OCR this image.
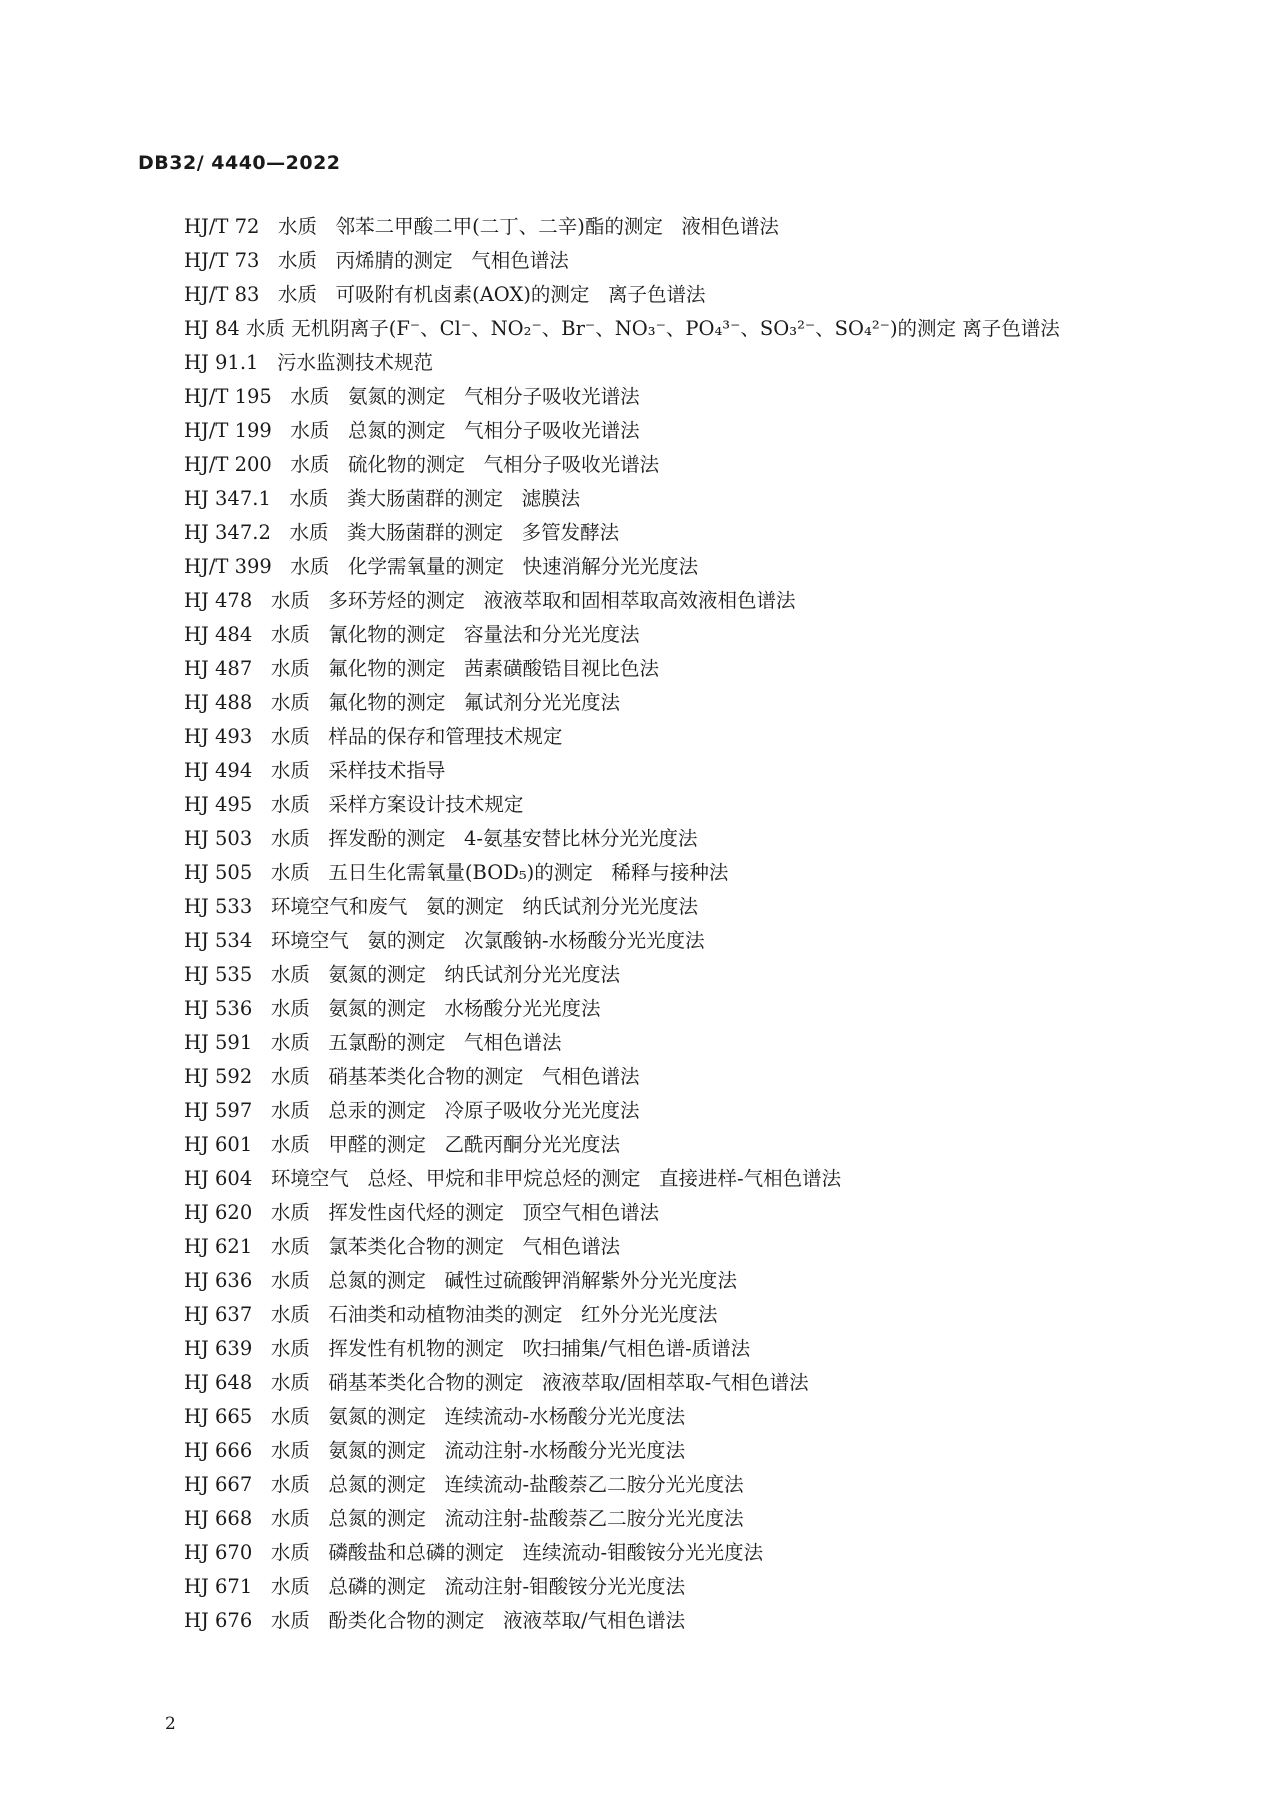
DB32/ 4440—2022
HJ/T 72   水质   邻苯二甲酸二甲(二丁、二辛)酯的测定   液相色谱法
HJ/T 73   水质   丙烯腈的测定   气相色谱法
HJ/T 83   水质   可吸附有机卤素(AOX)的测定   离子色谱法
HJ 84 水质 无机阴离子(F⁻、Cl⁻、NO₂⁻、Br⁻、NO₃⁻、PO₄³⁻、SO₃²⁻、SO₄²⁻)的测定 离子色谱法
HJ 91.1   污水监测技术规范
HJ/T 195   水质   氨氮的测定   气相分子吸收光谱法
HJ/T 199   水质   总氮的测定   气相分子吸收光谱法
HJ/T 200   水质   硫化物的测定   气相分子吸收光谱法
HJ 347.1   水质   粪大肠菌群的测定   滤膜法
HJ 347.2   水质   粪大肠菌群的测定   多管发酵法
HJ/T 399   水质   化学需氧量的测定   快速消解分光光度法
HJ 478   水质   多环芳烃的测定   液液萃取和固相萃取高效液相色谱法
HJ 484   水质   氰化物的测定   容量法和分光光度法
HJ 487   水质   氟化物的测定   茜素磺酸锆目视比色法
HJ 488   水质   氟化物的测定   氟试剂分光光度法
HJ 493   水质   样品的保存和管理技术规定
HJ 494   水质   采样技术指导
HJ 495   水质   采样方案设计技术规定
HJ 503   水质   挥发酚的测定   4-氨基安替比林分光光度法
HJ 505   水质   五日生化需氧量(BOD₅)的测定   稀释与接种法
HJ 533   环境空气和废气   氨的测定   纳氏试剂分光光度法
HJ 534   环境空气   氨的测定   次氯酸钠-水杨酸分光光度法
HJ 535   水质   氨氮的测定   纳氏试剂分光光度法
HJ 536   水质   氨氮的测定   水杨酸分光光度法
HJ 591   水质   五氯酚的测定   气相色谱法
HJ 592   水质   硝基苯类化合物的测定   气相色谱法
HJ 597   水质   总汞的测定   冷原子吸收分光光度法
HJ 601   水质   甲醛的测定   乙酰丙酮分光光度法
HJ 604   环境空气   总烃、甲烷和非甲烷总烃的测定   直接进样-气相色谱法
HJ 620   水质   挥发性卤代烃的测定   顶空气相色谱法
HJ 621   水质   氯苯类化合物的测定   气相色谱法
HJ 636   水质   总氮的测定   碱性过硫酸钾消解紫外分光光度法
HJ 637   水质   石油类和动植物油类的测定   红外分光光度法
HJ 639   水质   挥发性有机物的测定   吹扫捕集/气相色谱-质谱法
HJ 648   水质   硝基苯类化合物的测定   液液萃取/固相萃取-气相色谱法
HJ 665   水质   氨氮的测定   连续流动-水杨酸分光光度法
HJ 666   水质   氨氮的测定   流动注射-水杨酸分光光度法
HJ 667   水质   总氮的测定   连续流动-盐酸萘乙二胺分光光度法
HJ 668   水质   总氮的测定   流动注射-盐酸萘乙二胺分光光度法
HJ 670   水质   磷酸盐和总磷的测定   连续流动-钼酸铵分光光度法
HJ 671   水质   总磷的测定   流动注射-钼酸铵分光光度法
HJ 676   水质   酚类化合物的测定   液液萃取/气相色谱法
2
